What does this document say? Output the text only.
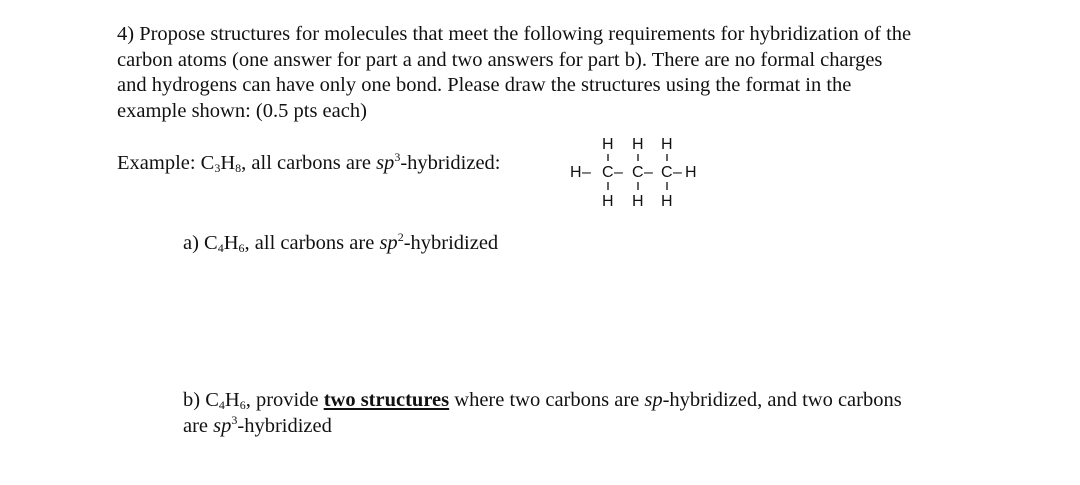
4) Propose structures for molecules that meet the following requirements for hybridization of the
carbon atoms (one answer for part a and two answers for part b). There are no formal charges
and hydrogens can have only one bond. Please draw the structures using the format in the
example shown: (0.5 pts each)
Example: $C_3H_8$, all carbons are $sp^3$-hybridized:
H H H
H – C – C – C – H
H H H
a) $C_4H_6$, all carbons are $sp^2$-hybridized
b) $C_4H_6$, provide two structures where two carbons are sp-hybridized, and two carbons
are $sp^3$-hybridized
